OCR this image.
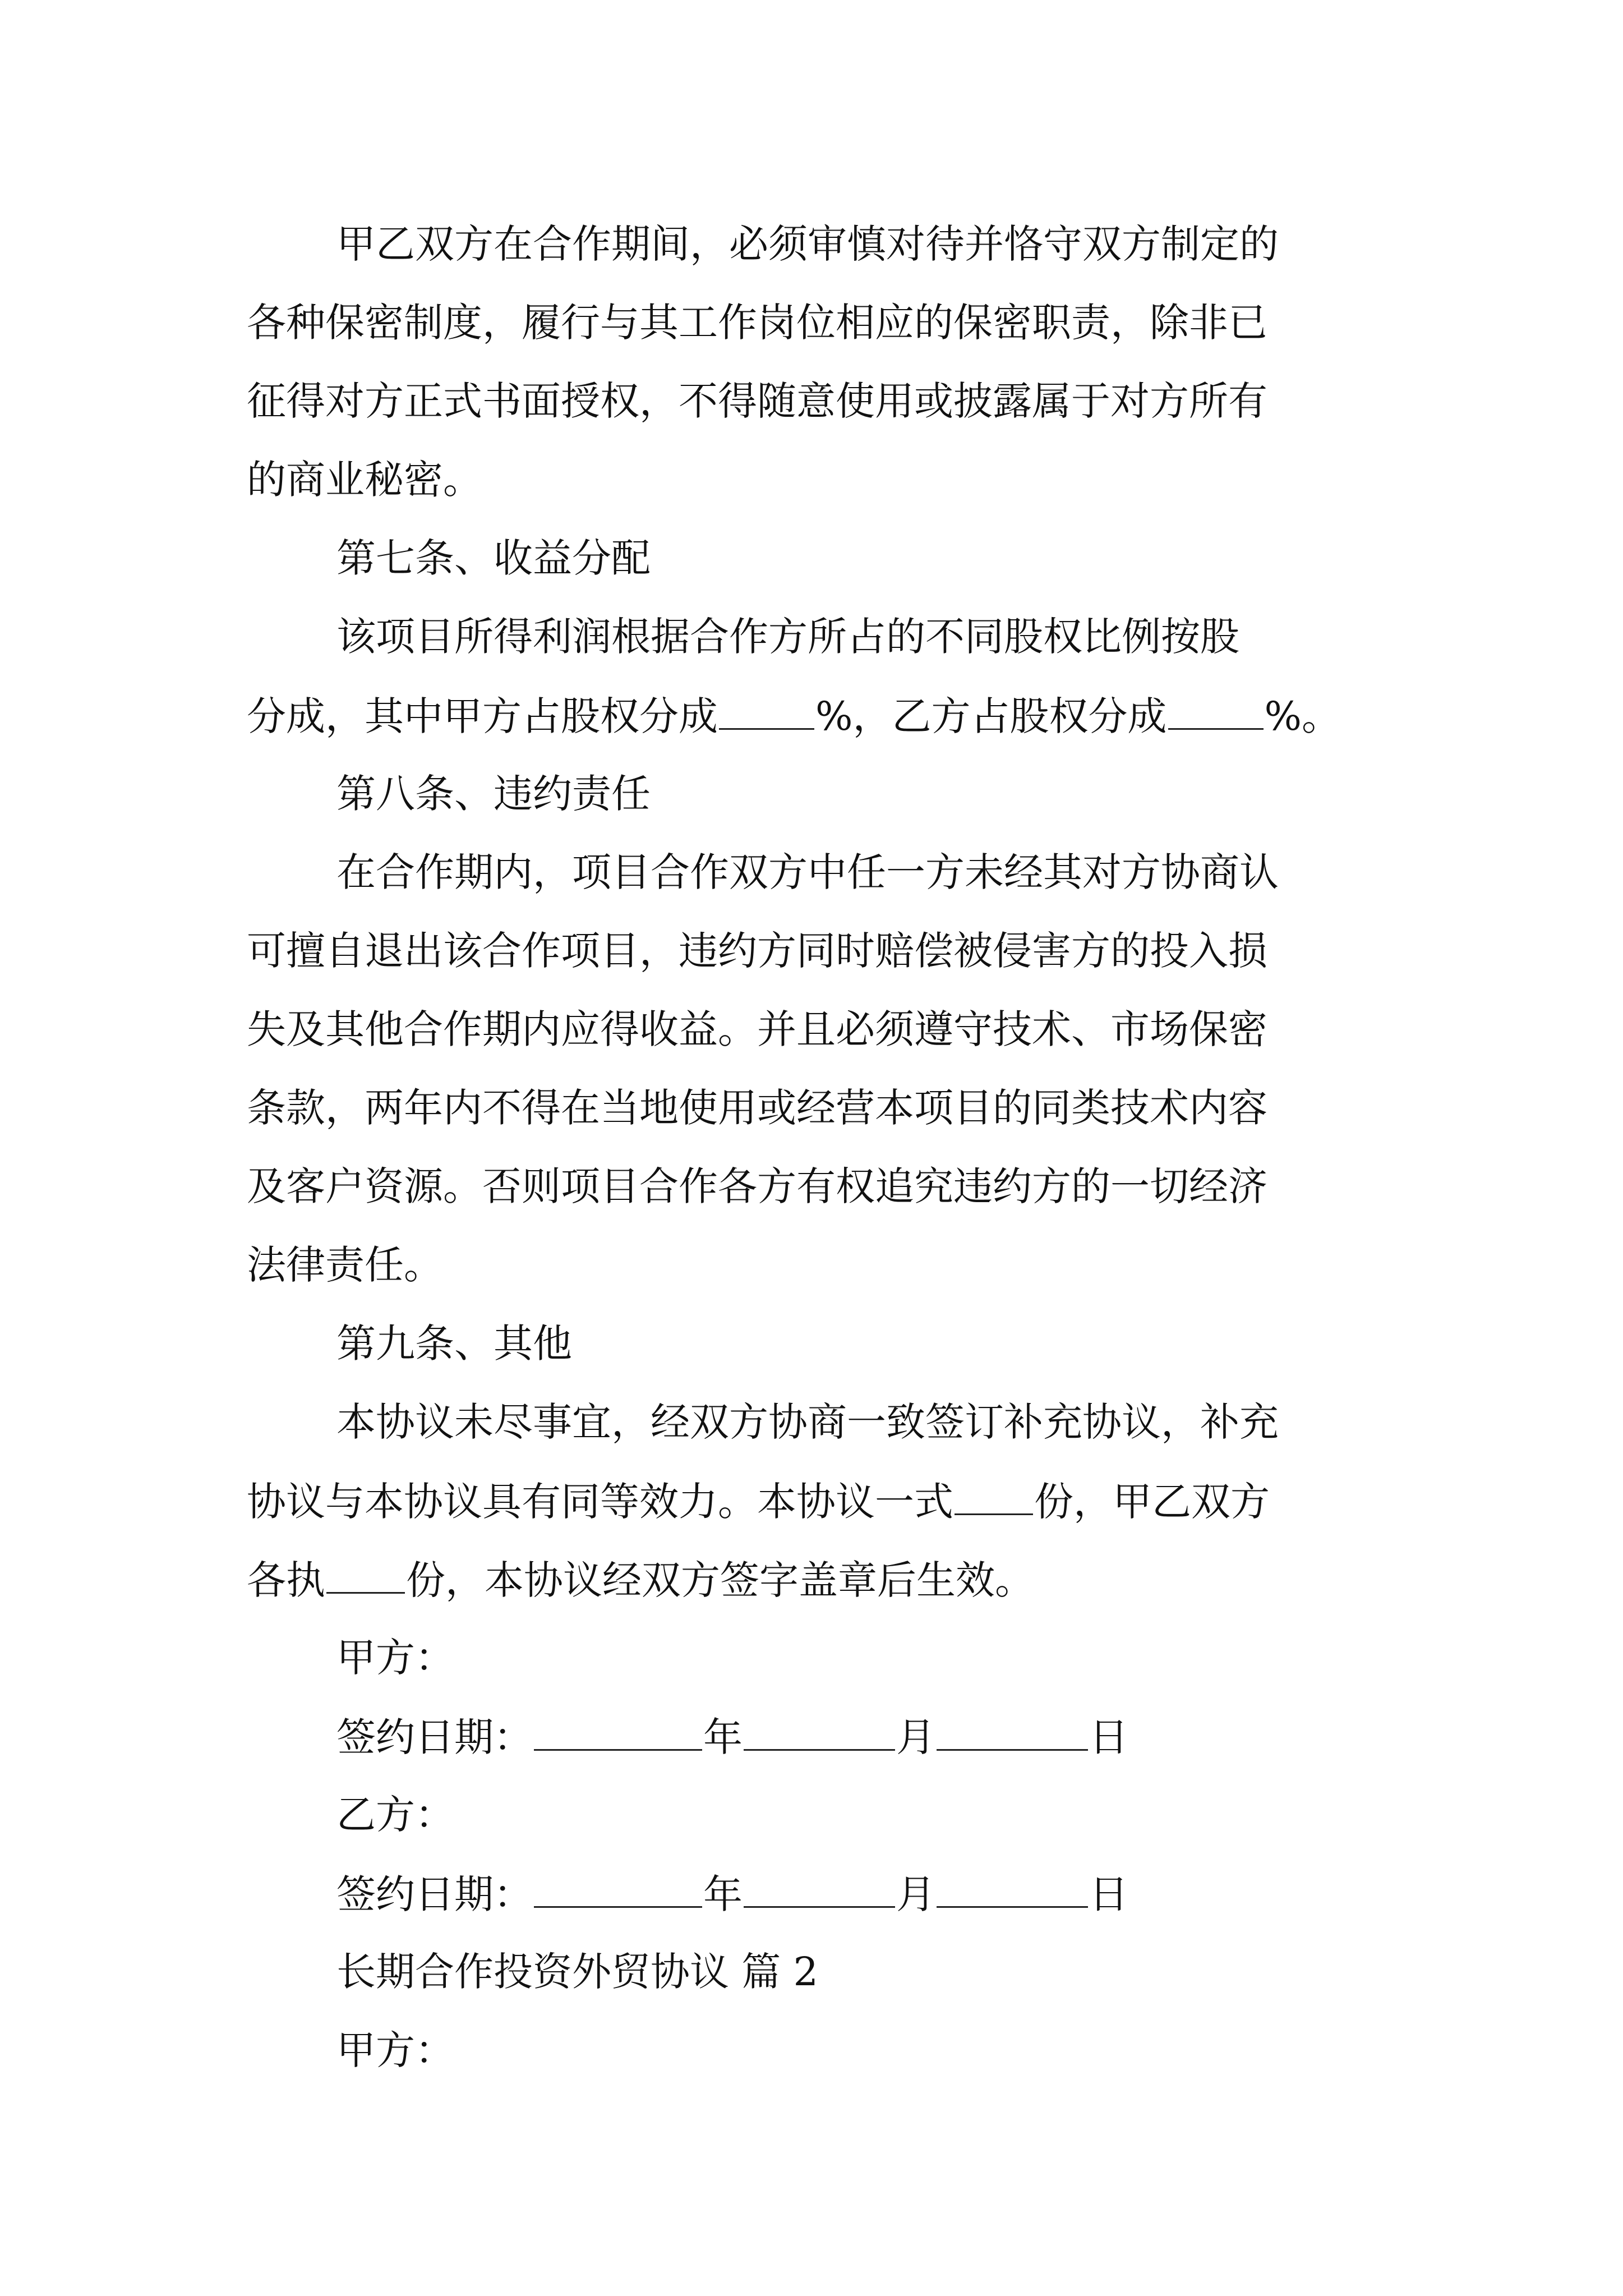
甲乙双方在合作期间，必须审慎对待并恪守双方制定的
各种保密制度，履行与其工作岗位相应的保密职责，除非已
征得对方正式书面授权，不得随意使用或披露属于对方所有
的商业秘密。
第七条、收益分配
该项目所得利润根据合作方所占的不同股权比例按股
分成，其中甲方占股权分成 %，乙方占股权分成 %。
第八条、违约责任
在合作期内，项目合作双方中任一方未经其对方协商认
可擅自退出该合作项目，违约方同时赔偿被侵害方的投入损
失及其他合作期内应得收益。并且必须遵守技术、市场保密
条款，两年内不得在当地使用或经营本项目的同类技术内容
及客户资源。否则项目合作各方有权追究违约方的一切经济
法律责任。
第九条、其他
本协议未尽事宜，经双方协商一致签订补充协议，补充
协议与本协议具有同等效力。本协议一式 份，甲乙双方
各执 份，本协议经双方签字盖章后生效。
甲方：
签约日期：	年	月	日
乙方：
签约日期：	年	月	日
长期合作投资外贸协议 篇 2
甲方：
